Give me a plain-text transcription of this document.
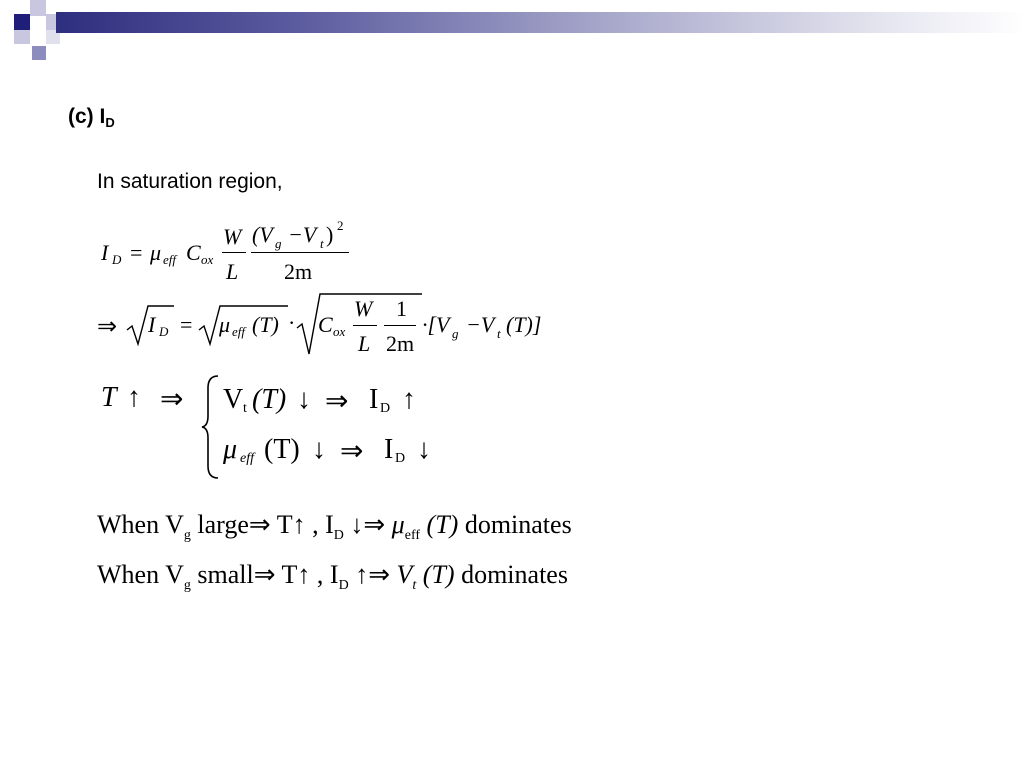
(c) $I_D$
In saturation region,
I D = μ eff C ox
W
L
(V g −V t ) 2
2m
⇒ I D = μ eff (T) · C ox
W
L
1
2m
·[V g −V t (T)]
T ↑ ⇒ V t (T) ↓ ⇒ I D ↑
μ eff (T) ↓ ⇒ I D ↓
When $V_g$ large⇒ T↑ , $I_D$ ↓⇒ $\mu_{eff}$ (T) dominates
When $V_g$ small⇒ T↑ , $I_D$ ↑⇒ $V_t$ (T) dominates
